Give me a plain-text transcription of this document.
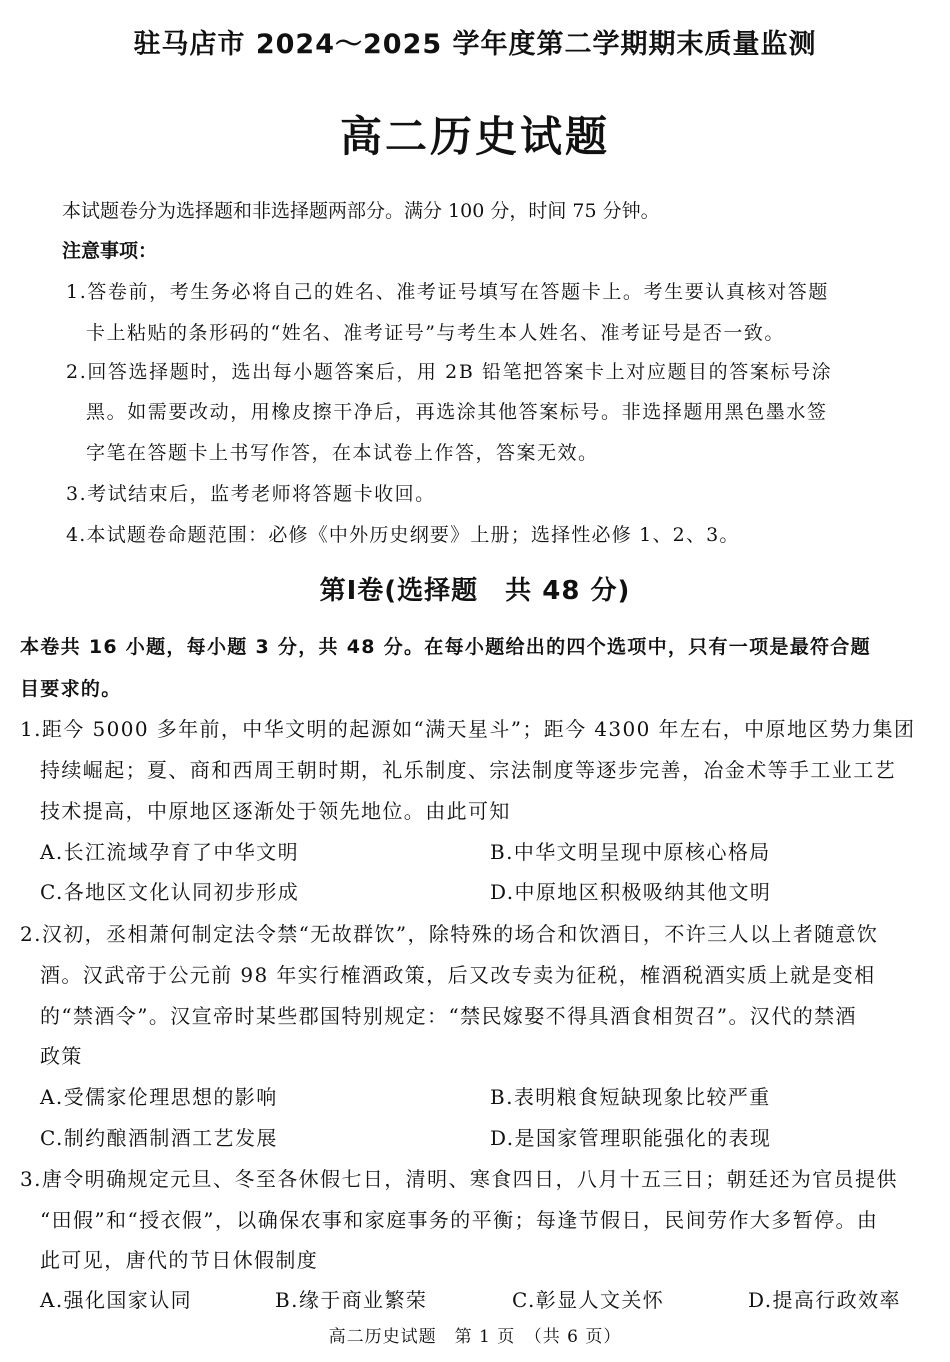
驻马店市 2024～2025 学年度第二学期期末质量监测
高二历史试题
本试题卷分为选择题和非选择题两部分。满分 100 分，时间 75 分钟。
注意事项：
1.答卷前，考生务必将自己的姓名、准考证号填写在答题卡上。考生要认真核对答题
卡上粘贴的条形码的“姓名、准考证号”与考生本人姓名、准考证号是否一致。
2.回答选择题时，选出每小题答案后，用 2B 铅笔把答案卡上对应题目的答案标号涂
黑。如需要改动，用橡皮擦干净后，再选涂其他答案标号。非选择题用黑色墨水签
字笔在答题卡上书写作答，在本试卷上作答，答案无效。
3.考试结束后，监考老师将答题卡收回。
4.本试题卷命题范围：必修《中外历史纲要》上册；选择性必修 1、2、3。
第Ⅰ卷(选择题　共 48 分)
本卷共 16 小题，每小题 3 分，共 48 分。在每小题给出的四个选项中，只有一项是最符合题
目要求的。
1.距今 5000 多年前，中华文明的起源如“满天星斗”；距今 4300 年左右，中原地区势力集团
持续崛起；夏、商和西周王朝时期，礼乐制度、宗法制度等逐步完善，冶金术等手工业工艺
技术提高，中原地区逐渐处于领先地位。由此可知
A.长江流域孕育了中华文明	B.中华文明呈现中原核心格局
C.各地区文化认同初步形成	D.中原地区积极吸纳其他文明
2.汉初，丞相萧何制定法令禁“无故群饮”，除特殊的场合和饮酒日，不许三人以上者随意饮
酒。汉武帝于公元前 98 年实行榷酒政策，后又改专卖为征税，榷酒税酒实质上就是变相
的“禁酒令”。汉宣帝时某些郡国特别规定：“禁民嫁娶不得具酒食相贺召”。汉代的禁酒
政策
A.受儒家伦理思想的影响	B.表明粮食短缺现象比较严重
C.制约酿酒制酒工艺发展	D.是国家管理职能强化的表现
3.唐令明确规定元旦、冬至各休假七日，清明、寒食四日，八月十五三日；朝廷还为官员提供
“田假”和“授衣假”，以确保农事和家庭事务的平衡；每逢节假日，民间劳作大多暂停。由
此可见，唐代的节日休假制度
A.强化国家认同	B.缘于商业繁荣	C.彰显人文关怀	D.提高行政效率
高二历史试题　第 1 页　（共 6 页）
